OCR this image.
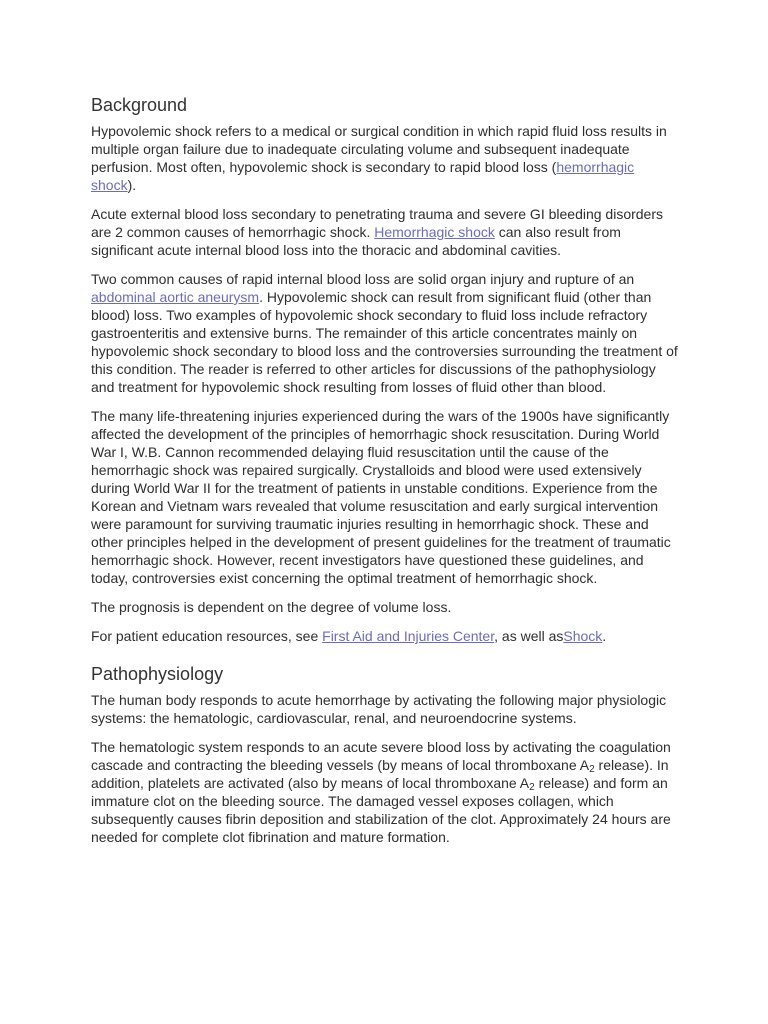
Background

Hypovolemic shock refers to a medical or surgical condition in which rapid fluid loss results in multiple organ failure due to inadequate circulating volume and subsequent inadequate perfusion. Most often, hypovolemic shock is secondary to rapid blood loss (hemorrhagic shock).

Acute external blood loss secondary to penetrating trauma and severe GI bleeding disorders are 2 common causes of hemorrhagic shock. Hemorrhagic shock can also result from significant acute internal blood loss into the thoracic and abdominal cavities.

Two common causes of rapid internal blood loss are solid organ injury and rupture of an abdominal aortic aneurysm. Hypovolemic shock can result from significant fluid (other than blood) loss. Two examples of hypovolemic shock secondary to fluid loss include refractory gastroenteritis and extensive burns. The remainder of this article concentrates mainly on hypovolemic shock secondary to blood loss and the controversies surrounding the treatment of this condition. The reader is referred to other articles for discussions of the pathophysiology and treatment for hypovolemic shock resulting from losses of fluid other than blood.

The many life-threatening injuries experienced during the wars of the 1900s have significantly affected the development of the principles of hemorrhagic shock resuscitation. During World War I, W.B. Cannon recommended delaying fluid resuscitation until the cause of the hemorrhagic shock was repaired surgically. Crystalloids and blood were used extensively during World War II for the treatment of patients in unstable conditions. Experience from the Korean and Vietnam wars revealed that volume resuscitation and early surgical intervention were paramount for surviving traumatic injuries resulting in hemorrhagic shock. These and other principles helped in the development of present guidelines for the treatment of traumatic hemorrhagic shock. However, recent investigators have questioned these guidelines, and today, controversies exist concerning the optimal treatment of hemorrhagic shock.

The prognosis is dependent on the degree of volume loss.

For patient education resources, see First Aid and Injuries Center, as well asShock.

Pathophysiology

The human body responds to acute hemorrhage by activating the following major physiologic systems: the hematologic, cardiovascular, renal, and neuroendocrine systems.

The hematologic system responds to an acute severe blood loss by activating the coagulation cascade and contracting the bleeding vessels (by means of local thromboxane $A_2$ release). In addition, platelets are activated (also by means of local thromboxane $A_2$ release) and form an immature clot on the bleeding source. The damaged vessel exposes collagen, which subsequently causes fibrin deposition and stabilization of the clot. Approximately 24 hours are needed for complete clot fibrination and mature formation.
